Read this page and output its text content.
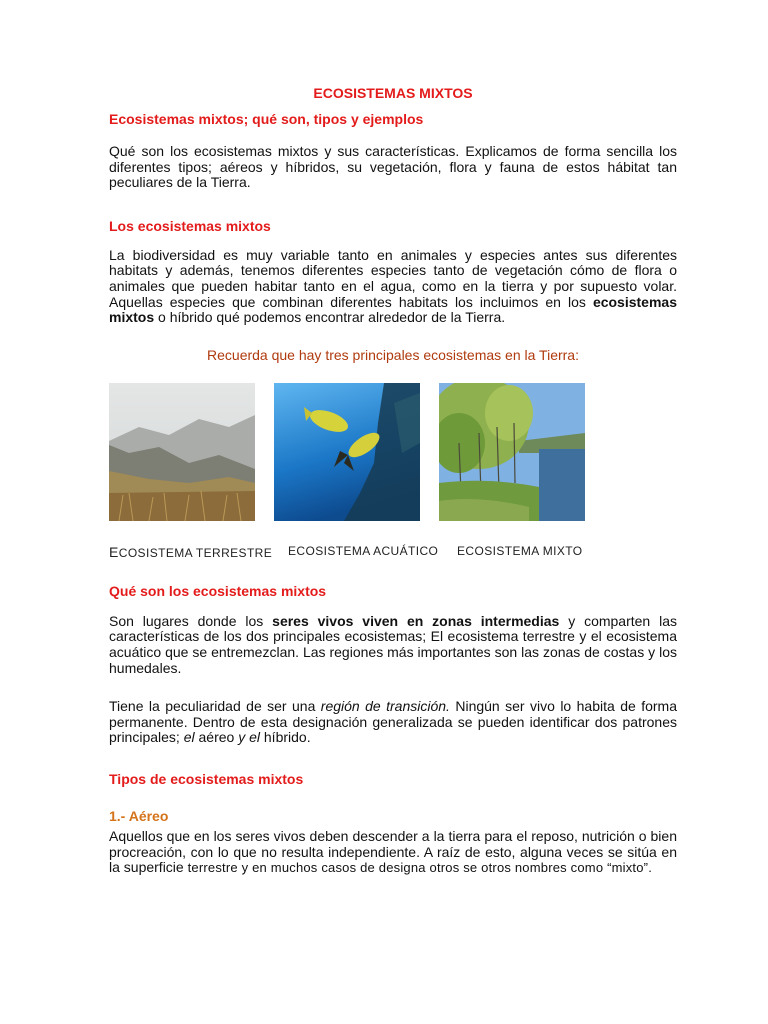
ECOSISTEMAS MIXTOS
Ecosistemas mixtos; qué son, tipos y ejemplos

Qué son los ecosistemas mixtos y sus características. Explicamos de forma sencilla los diferentes tipos; aéreos y híbridos, su vegetación, flora y fauna de estos hábitat tan peculiares de la Tierra.

Los ecosistemas mixtos

La biodiversidad es muy variable tanto en animales y especies antes sus diferentes habitats y además, tenemos diferentes especies tanto de vegetación cómo de flora o animales que pueden habitar tanto en el agua, como en la tierra y por supuesto volar. Aquellas especies que combinan diferentes habitats los incluimos en los ecosistemas mixtos o híbrido qué podemos encontrar alrededor de la Tierra.

Recuerda que hay tres principales ecosistemas en la Tierra:

ECOSISTEMA TERRESTRE ECOSISTEMA ACUÁTICO ECOSISTEMA MIXTO
Qué son los ecosistemas mixtos

Son lugares donde los seres vivos viven en zonas intermedias y comparten las características de los dos principales ecosistemas; El ecosistema terrestre y el ecosistema acuático que se entremezclan. Las regiones más importantes son las zonas de costas y los humedales.

Tiene la peculiaridad de ser una región de transición. Ningún ser vivo lo habita de forma permanente. Dentro de esta designación generalizada se pueden identificar dos patrones principales; el aéreo y el híbrido.

Tipos de ecosistemas mixtos
1.- Aéreo

Aquellos que en los seres vivos deben descender a la tierra para el reposo, nutrición o bien procreación, con lo que no resulta independiente. A raíz de esto, alguna veces se sitúa en la superficie terrestre y en muchos casos de designa otros se otros nombres como “mixto”.
